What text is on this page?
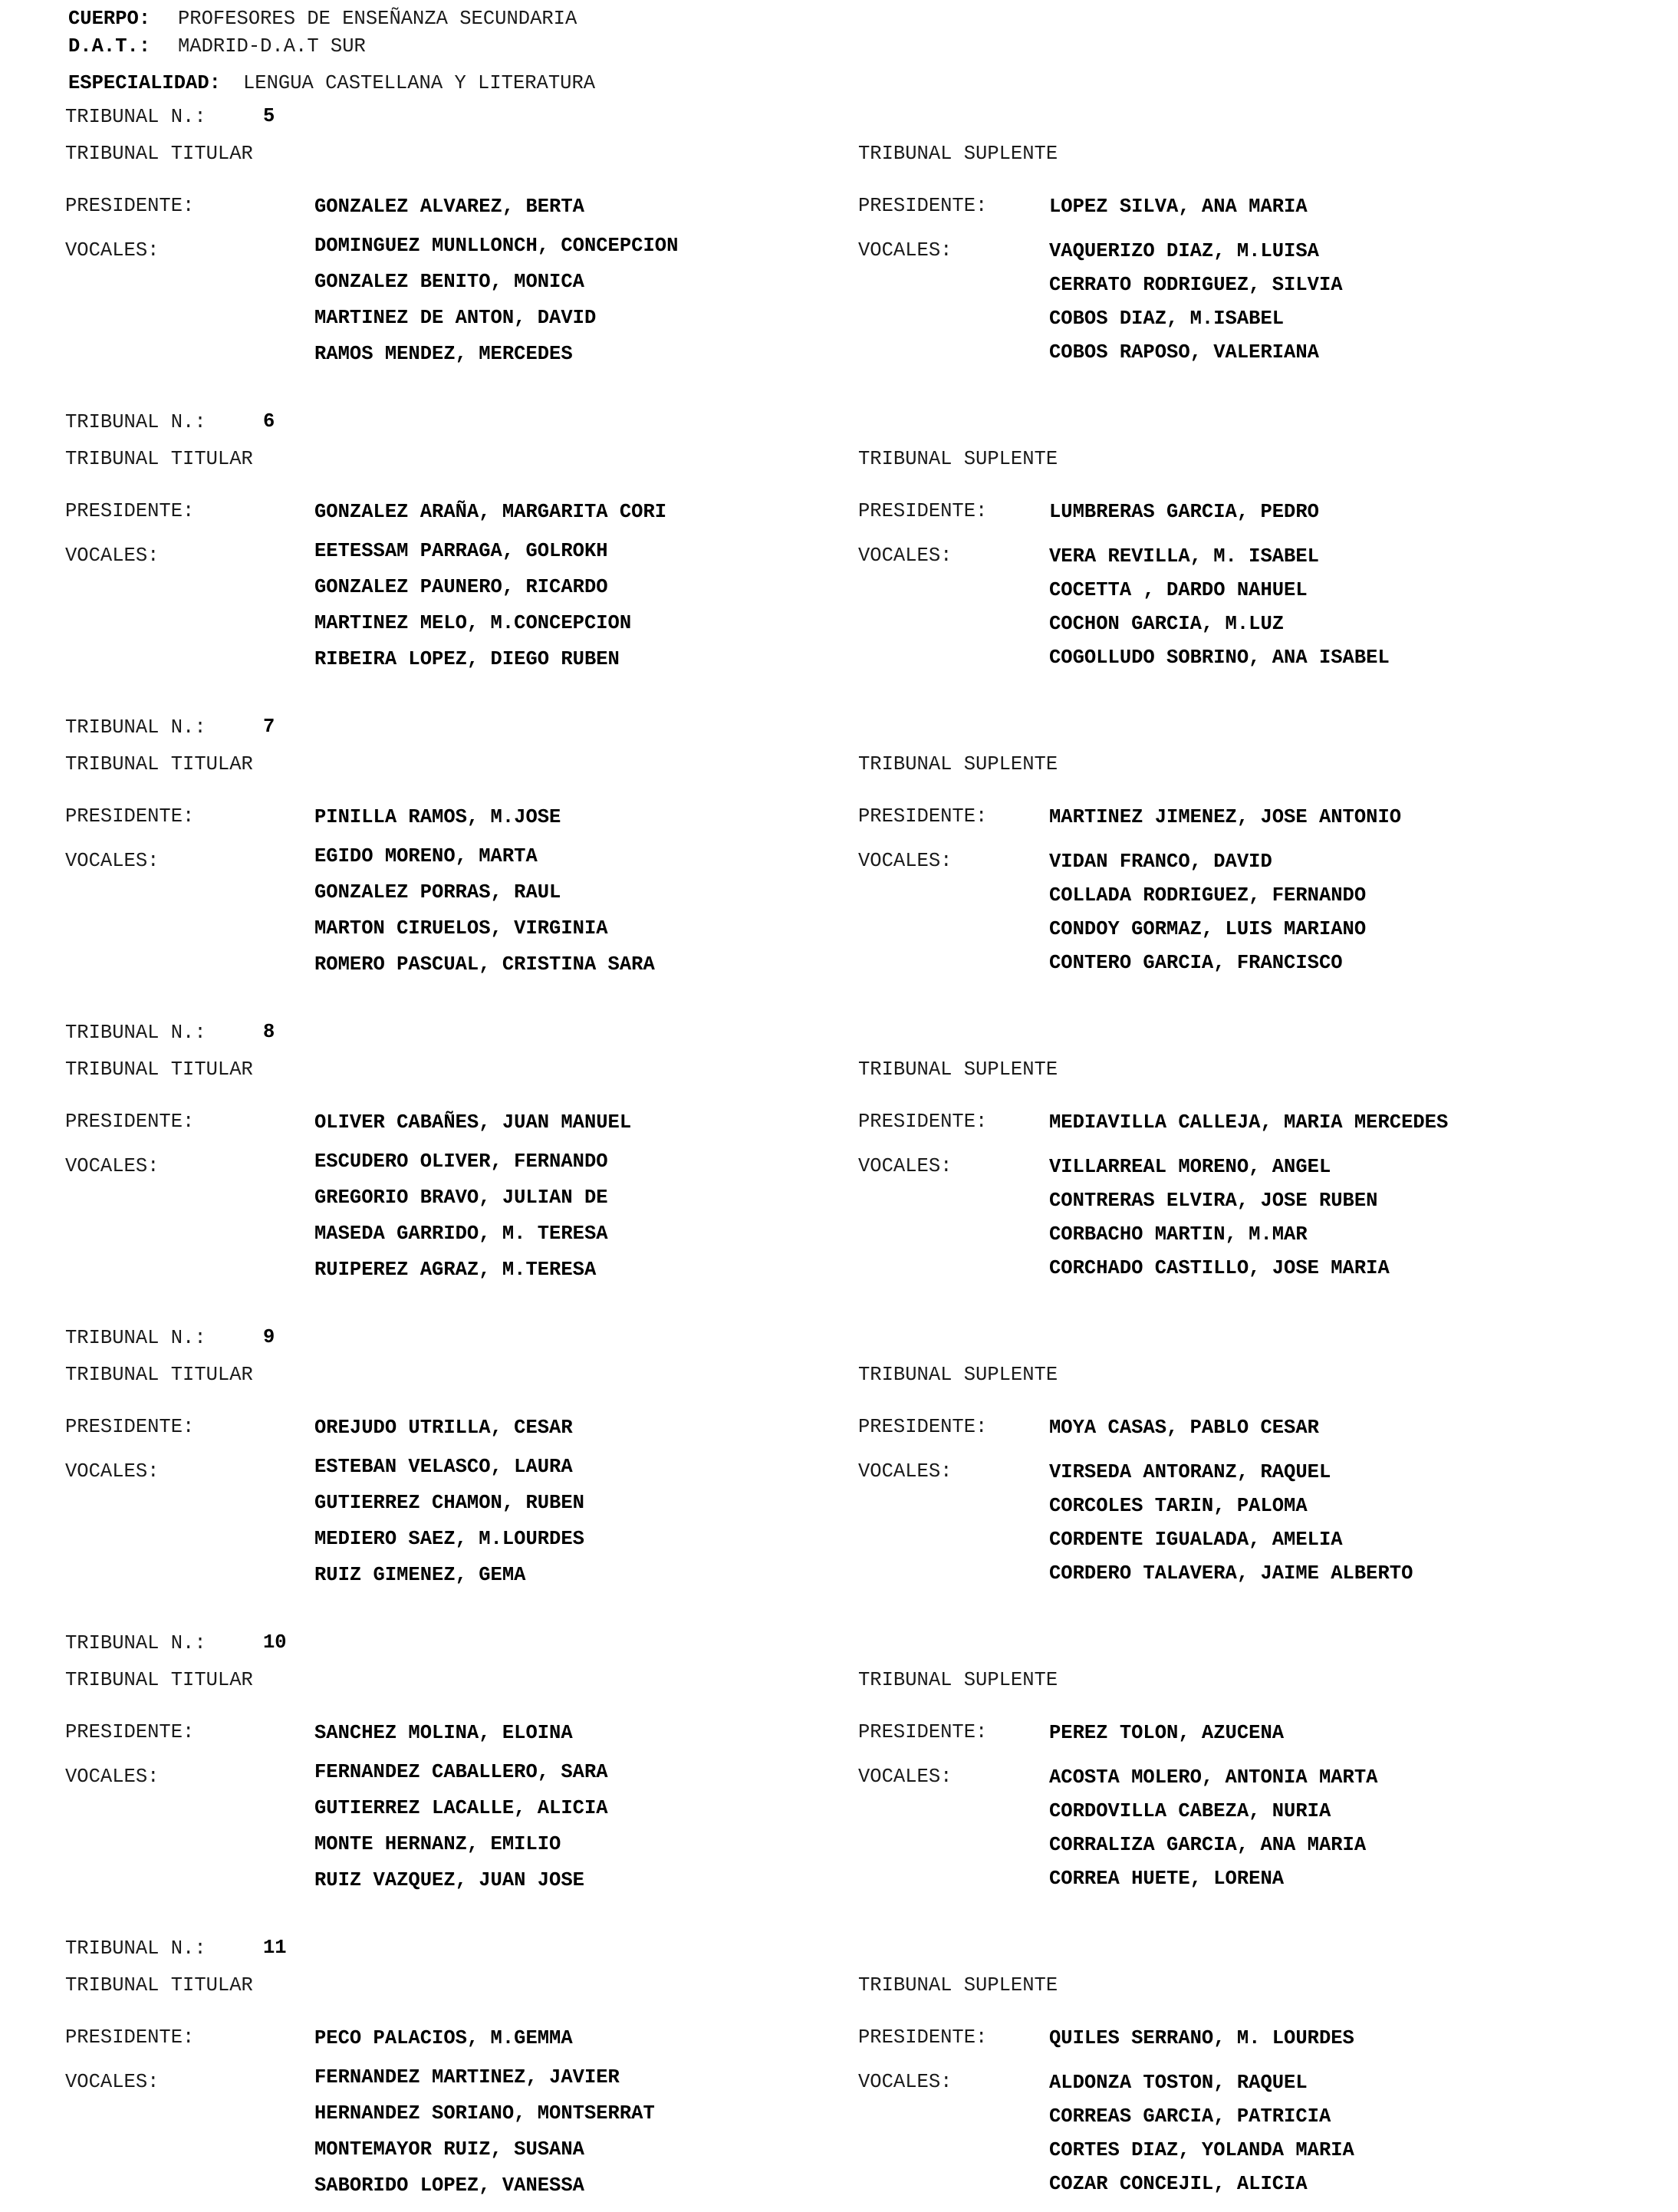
CUERPO: PROFESORES DE ENSEÑANZA SECUNDARIA
D.A.T.: MADRID-D.A.T SUR
ESPECIALIDAD: LENGUA CASTELLANA Y LITERATURA
TRIBUNAL N.:	5
TRIBUNAL TITULAR	TRIBUNAL SUPLENTE
PRESIDENTE:	GONZALEZ ALVAREZ, BERTA
VOCALES:	DOMINGUEZ MUNLLONCH, CONCEPCION
GONZALEZ BENITO, MONICA
MARTINEZ DE ANTON, DAVID
RAMOS MENDEZ, MERCEDES
PRESIDENTE:	LOPEZ SILVA, ANA MARIA
VOCALES:	VAQUERIZO DIAZ, M.LUISA
CERRATO RODRIGUEZ, SILVIA
COBOS DIAZ, M.ISABEL
COBOS RAPOSO, VALERIANA
TRIBUNAL N.:	6
TRIBUNAL TITULAR	TRIBUNAL SUPLENTE
PRESIDENTE:	GONZALEZ ARAÑA, MARGARITA CORI
VOCALES:	EETESSAM PARRAGA, GOLROKH
GONZALEZ PAUNERO, RICARDO
MARTINEZ MELO, M.CONCEPCION
RIBEIRA LOPEZ, DIEGO RUBEN
PRESIDENTE:	LUMBRERAS GARCIA, PEDRO
VOCALES:	VERA REVILLA, M. ISABEL
COCETTA , DARDO NAHUEL
COCHON GARCIA, M.LUZ
COGOLLUDO SOBRINO, ANA ISABEL
TRIBUNAL N.:	7
TRIBUNAL TITULAR	TRIBUNAL SUPLENTE
PRESIDENTE:	PINILLA RAMOS, M.JOSE
VOCALES:	EGIDO MORENO, MARTA
GONZALEZ PORRAS, RAUL
MARTON CIRUELOS, VIRGINIA
ROMERO PASCUAL, CRISTINA SARA
PRESIDENTE:	MARTINEZ JIMENEZ, JOSE ANTONIO
VOCALES:	VIDAN FRANCO, DAVID
COLLADA RODRIGUEZ, FERNANDO
CONDOY GORMAZ, LUIS MARIANO
CONTERO GARCIA, FRANCISCO
TRIBUNAL N.:	8
TRIBUNAL TITULAR	TRIBUNAL SUPLENTE
PRESIDENTE:	OLIVER CABAÑES, JUAN MANUEL
VOCALES:	ESCUDERO OLIVER, FERNANDO
GREGORIO BRAVO, JULIAN DE
MASEDA GARRIDO, M. TERESA
RUIPEREZ AGRAZ, M.TERESA
PRESIDENTE:	MEDIAVILLA CALLEJA, MARIA MERCEDES
VOCALES:	VILLARREAL MORENO, ANGEL
CONTRERAS ELVIRA, JOSE RUBEN
CORBACHO MARTIN, M.MAR
CORCHADO CASTILLO, JOSE MARIA
TRIBUNAL N.:	9
TRIBUNAL TITULAR	TRIBUNAL SUPLENTE
PRESIDENTE:	OREJUDO UTRILLA, CESAR
VOCALES:	ESTEBAN VELASCO, LAURA
GUTIERREZ CHAMON, RUBEN
MEDIERO SAEZ, M.LOURDES
RUIZ GIMENEZ, GEMA
PRESIDENTE:	MOYA CASAS, PABLO CESAR
VOCALES:	VIRSEDA ANTORANZ, RAQUEL
CORCOLES TARIN, PALOMA
CORDENTE IGUALADA, AMELIA
CORDERO TALAVERA, JAIME ALBERTO
TRIBUNAL N.:	10
TRIBUNAL TITULAR	TRIBUNAL SUPLENTE
PRESIDENTE:	SANCHEZ MOLINA, ELOINA
VOCALES:	FERNANDEZ CABALLERO, SARA
GUTIERREZ LACALLE, ALICIA
MONTE HERNANZ, EMILIO
RUIZ VAZQUEZ, JUAN JOSE
PRESIDENTE:	PEREZ TOLON, AZUCENA
VOCALES:	ACOSTA MOLERO, ANTONIA MARTA
CORDOVILLA CABEZA, NURIA
CORRALIZA GARCIA, ANA MARIA
CORREA HUETE, LORENA
TRIBUNAL N.:	11
TRIBUNAL TITULAR	TRIBUNAL SUPLENTE
PRESIDENTE:	PECO PALACIOS, M.GEMMA
VOCALES:	FERNANDEZ MARTINEZ, JAVIER
HERNANDEZ SORIANO, MONTSERRAT
MONTEMAYOR RUIZ, SUSANA
SABORIDO LOPEZ, VANESSA
PRESIDENTE:	QUILES SERRANO, M. LOURDES
VOCALES:	ALDONZA TOSTON, RAQUEL
CORREAS GARCIA, PATRICIA
CORTES DIAZ, YOLANDA MARIA
COZAR CONCEJIL, ALICIA
